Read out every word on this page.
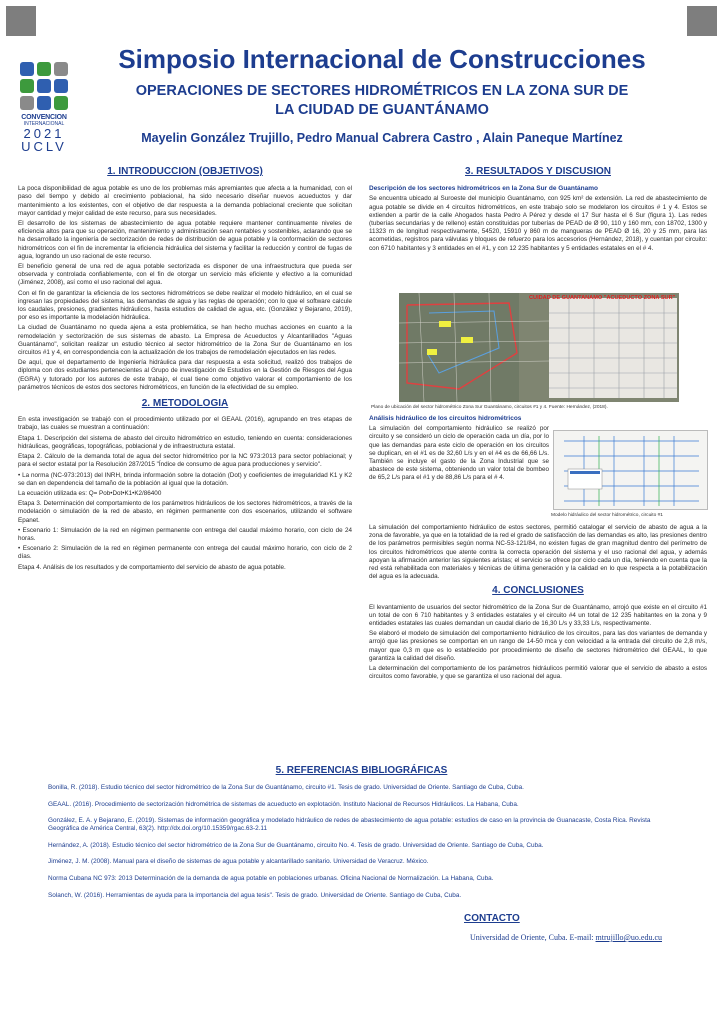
CONVENCION
INTERNACIONAL
2021
UCLV
Simposio Internacional de Construcciones
OPERACIONES DE SECTORES HIDROMÉTRICOS EN LA ZONA SUR DE
LA CIUDAD DE GUANTÁNAMO
Mayelin González Trujillo, Pedro Manual Cabrera Castro , Alain Paneque Martínez
1. INTRODUCCION (OBJETIVOS)

La poca disponibilidad de agua potable es uno de los problemas más apremiantes que afecta a la humanidad, con el paso del tiempo y debido al crecimiento poblacional, ha sido necesario diseñar nuevos acueductos y dar mantenimiento a los existentes, con el objetivo de dar respuesta a la demanda poblacional creciente que solicitan mayor cantidad y mejor calidad de este recurso, para sus necesidades.

El desarrollo de los sistemas de abastecimiento de agua potable requiere mantener continuamente niveles de eficiencia altos para que su operación, mantenimiento y administración sean rentables y sostenibles, aclarando que se ha desarrollado la ingeniería de sectorización de redes de distribución de agua potable y la conformación de sectores hidrométricos con el fin de incrementar la eficiencia hidráulica del sistema y facilitar la reducción y control de fugas de agua, logrando un uso racional de este recurso.

El beneficio general de una red de agua potable sectorizada es disponer de una infraestructura que pueda ser observada y controlada confiablemente, con el fin de otorgar un servicio más eficiente y efectivo a la comunidad (Jiménez, 2008), así como el uso racional del agua.

Con el fin de garantizar la eficiencia de los sectores hidrométricos se debe realizar el modelo hidráulico, en el cual se ingresan las propiedades del sistema, las demandas de agua y las reglas de operación; con lo que el software calcule los caudales, presiones, gradientes hidráulicos, hasta estudios de calidad de agua, etc. (González y Bejarano, 2019), por eso es importante la modelación hidráulica.

La ciudad de Guantánamo no queda ajena a esta problemática, se han hecho muchas acciones en cuanto a la remodelación y sectorización de sus sistemas de abasto. La Empresa de Acueductos y Alcantarillados "Aguas Guantánamo", solicitan realizar un estudio técnico al sector hidrométrico de la Zona Sur de Guantánamo en los circuitos #1 y 4, en correspondencia con la actualización de los trabajos de remodelación ejecutados en las redes.

De aquí, que el departamento de Ingeniería hidráulica para dar respuesta a esta solicitud, realizó dos trabajos de diploma con dos estudiantes pertenecientes al Grupo de investigación de Estudios en la Gestión de Riesgos del Agua (EGRA) y tutorado por los autores de este trabajo, el cual tiene como objetivo valorar el comportamiento de los parámetros técnicos de estos dos sectores hidrométricos, en función de la efectividad de su empleo.

2. METODOLOGIA

En esta investigación se trabajó con el procedimiento utilizado por el GEAAL (2016), agrupando en tres etapas de trabajo, las cuales se muestran a continuación:

Etapa 1. Descripción del sistema de abasto del circuito hidrométrico en estudio, teniendo en cuenta: consideraciones hidráulicas, geográficas, topográficas, poblacional y de infraestructura estatal.

Etapa 2. Cálculo de la demanda total de agua del sector hidrométrico por la NC 973:2013 para sector poblacional; y para el sector estatal por la Resolución 287/2015 "Índice de consumo de agua para producciones y servicio".

• La norma (NC-973:2013) del INRH, brinda información sobre la dotación (Dot) y coeficientes de irregularidad K1 y K2 se dan en dependencia del tamaño de la población al igual que la dotación.

La ecuación utilizada es: Q= Pob•Dot•K1•K2/86400

Etapa 3. Determinación del comportamiento de los parámetros hidráulicos de los sectores hidrométricos, a través de la modelación o simulación de la red de abasto, en régimen permanente con dos escenarios, utilizando el software Epanet.

• Escenario 1: Simulación de la red en régimen permanente con entrega del caudal máximo horario, con ciclo de 24 horas.

• Escenario 2: Simulación de la red en régimen permanente con entrega del caudal máximo horario, con ciclo de 2 días.

Etapa 4. Análisis de los resultados y de comportamiento del servicio de abasto de agua potable.

3. RESULTADOS Y DISCUSION

Descripción de los sectores hidrométricos en la Zona Sur de Guantánamo

Se encuentra ubicado al Suroeste del municipio Guantánamo, con 925 km² de extensión. La red de abastecimiento de agua potable se divide en 4 circuitos hidrométricos, en este trabajo solo se modelaron los circuitos # 1 y 4. Estos se extienden a partir de la calle Ahogados hasta Pedro A Pérez y desde el 17 Sur hasta el 6 Sur (figura 1). Las redes (tuberías secundarias y de relleno) están constituidas por tuberías de PEAD de Ø 90, 110 y 160 mm, con 18702, 1300 y 11323 m de longitud respectivamente, 54520, 15910 y 860 m de mangueras de PEAD Ø 16, 20 y 25 mm, para las acometidas, registros para válvulas y bloques de refuerzo para los accesorios (Hernández, 2018), y cuentan por circuito: con 6710 habitantes y 3 entidades en el #1, y con 12 235 habitantes y 5 entidades estatales en el # 4.

CUIDAD DE GUANTANAMO "ACUEDUCTO ZONA SUR"
Plano de ubicación del sector hidrométrico Zona Sur Guantánamo, circuitos #1 y 4. Fuente: Hernández, (2018).

Análisis hidráulico de los circuitos hidrométricos

La simulación del comportamiento hidráulico se realizó por circuito y se consideró un ciclo de operación cada un día, por lo que las demandas para este ciclo de operación en los circuitos se duplican, en el #1 es de 32,60 L/s y en el #4 es de 66,66 L/s. También se incluye el gasto de la Zona Industrial que se abastece de este sistema, obteniendo un valor total de bombeo de 65,2 L/s para el #1 y de 88,86 L/s para el # 4.

Modelo hidráulico del sector hidrométrico, circuito #1

La simulación del comportamiento hidráulico de estos sectores, permitió catalogar el servicio de abasto de agua a la zona de favorable, ya que en la totalidad de la red el grado de satisfacción de las demandas es alto, las presiones dentro de los parámetros permisibles según norma NC-53-121/84, no existen fugas de gran magnitud dentro del perímetro de los circuitos hidrométricos que atente contra la correcta operación del sistema y el uso racional del agua, y además apoyan la afirmación anterior las siguientes aristas; el servicio se ofrece por ciclo cada un día, teniendo en cuenta que la red está rehabilitada con materiales y técnicas de última generación y la calidad en lo que respecta a la potabilización del agua es la adecuada.

4. CONCLUSIONES

El levantamiento de usuarios del sector hidrométrico de la Zona Sur de Guantánamo, arrojó que existe en el circuito #1 un total de con 6 710 habitantes y 3 entidades estatales y el circuito #4 un total de 12 235 habitantes en la zona y 9 entidades estatales las cuales demandan un caudal diario de 16,30 L/s y 33,33 L/s, respectivamente.

Se elaboró el modelo de simulación del comportamiento hidráulico de los circuitos, para las dos variantes de demanda y arrojó que las presiones se comportan en un rango de 14-50 mca y con velocidad a la entrada del circuito de 2,8 m/s, mayor que 0,3 m que es lo establecido por procedimiento de diseño de sectores hidrométrico del GEAAL, lo que garantiza la calidad del diseño.

La determinación del comportamiento de los parámetros hidráulicos permitió valorar que el servicio de abasto a estos circuitos como favorable, y que se garantiza el uso racional del agua.

5. REFERENCIAS BIBLIOGRÁFICAS

Bonilla, R. (2018). Estudio técnico del sector hidrométrico de la Zona Sur de Guantánamo, circuito #1. Tesis de grado. Universidad de Oriente. Santiago de Cuba, Cuba.

GEAAL. (2016). Procedimiento de sectorización hidrométrica de sistemas de acueducto en explotación. Instituto Nacional de Recursos Hidráulicos. La Habana, Cuba.

González, E. A. y Bejarano, E. (2019). Sistemas de información geográfica y modelado hidráulico de redes de abastecimiento de agua potable: estudios de caso en la provincia de Guanacaste, Costa Rica. Revista Geográfica de América Central, 63(2). http://dx.doi.org/10.15359/rgac.63-2.11

Hernández, A. (2018). Estudio técnico del sector hidrométrico de la Zona Sur de Guantánamo, circuito No. 4. Tesis de grado. Universidad de Oriente. Santiago de Cuba, Cuba.

Jiménez, J. M. (2008). Manual para el diseño de sistemas de agua potable y alcantarillado sanitario. Universidad de Veracruz. México.

Norma Cubana NC 973: 2013 Determinación de la demanda de agua potable en poblaciones urbanas. Oficina Nacional de Normalización. La Habana, Cuba.

Solanch, W. (2016). Herramientas de ayuda para la importancia del agua tesis". Tesis de grado. Universidad de Oriente. Santiago de Cuba, Cuba.

CONTACTO
Universidad de Oriente, Cuba. E-mail: mtrujillo@uo.edu.cu
